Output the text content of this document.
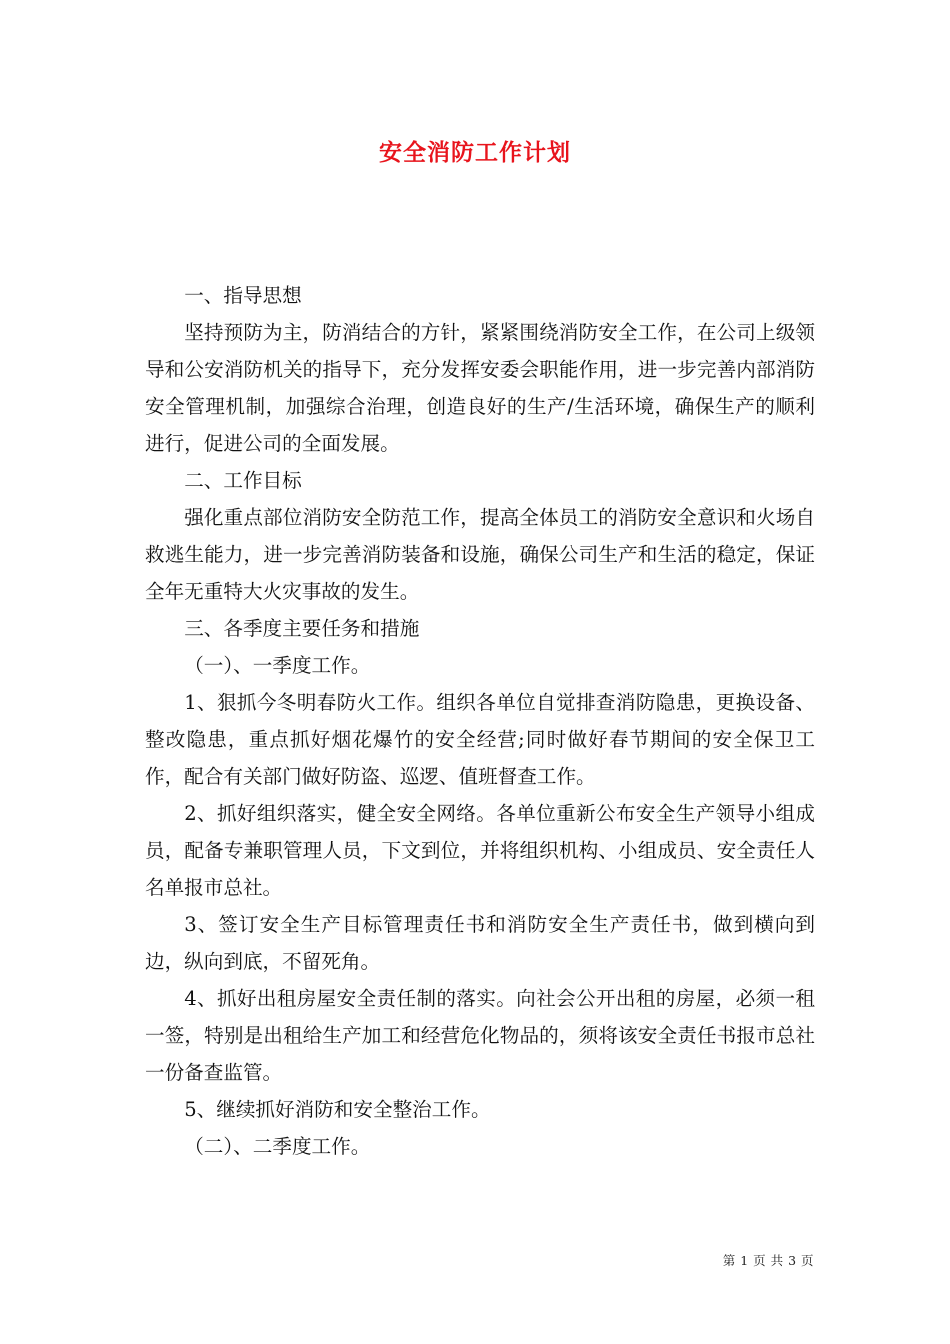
安全消防工作计划

一、指导思想

坚持预防为主，防消结合的方针，紧紧围绕消防安全工作，在公司上级领导和公安消防机关的指导下，充分发挥安委会职能作用，进一步完善内部消防安全管理机制，加强综合治理，创造良好的生产/生活环境，确保生产的顺利进行，促进公司的全面发展。

二、工作目标

强化重点部位消防安全防范工作，提高全体员工的消防安全意识和火场自救逃生能力，进一步完善消防装备和设施，确保公司生产和生活的稳定，保证全年无重特大火灾事故的发生。

三、各季度主要任务和措施

（一）、一季度工作。

1、狠抓今冬明春防火工作。组织各单位自觉排查消防隐患，更换设备、整改隐患，重点抓好烟花爆竹的安全经营;同时做好春节期间的安全保卫工作，配合有关部门做好防盗、巡逻、值班督查工作。

2、抓好组织落实，健全安全网络。各单位重新公布安全生产领导小组成员，配备专兼职管理人员，下文到位，并将组织机构、小组成员、安全责任人名单报市总社。

3、签订安全生产目标管理责任书和消防安全生产责任书，做到横向到边，纵向到底，不留死角。

4、抓好出租房屋安全责任制的落实。向社会公开出租的房屋，必须一租一签，特别是出租给生产加工和经营危化物品的，须将该安全责任书报市总社一份备查监管。

5、继续抓好消防和安全整治工作。

（二）、二季度工作。

第 1 页 共 3 页
